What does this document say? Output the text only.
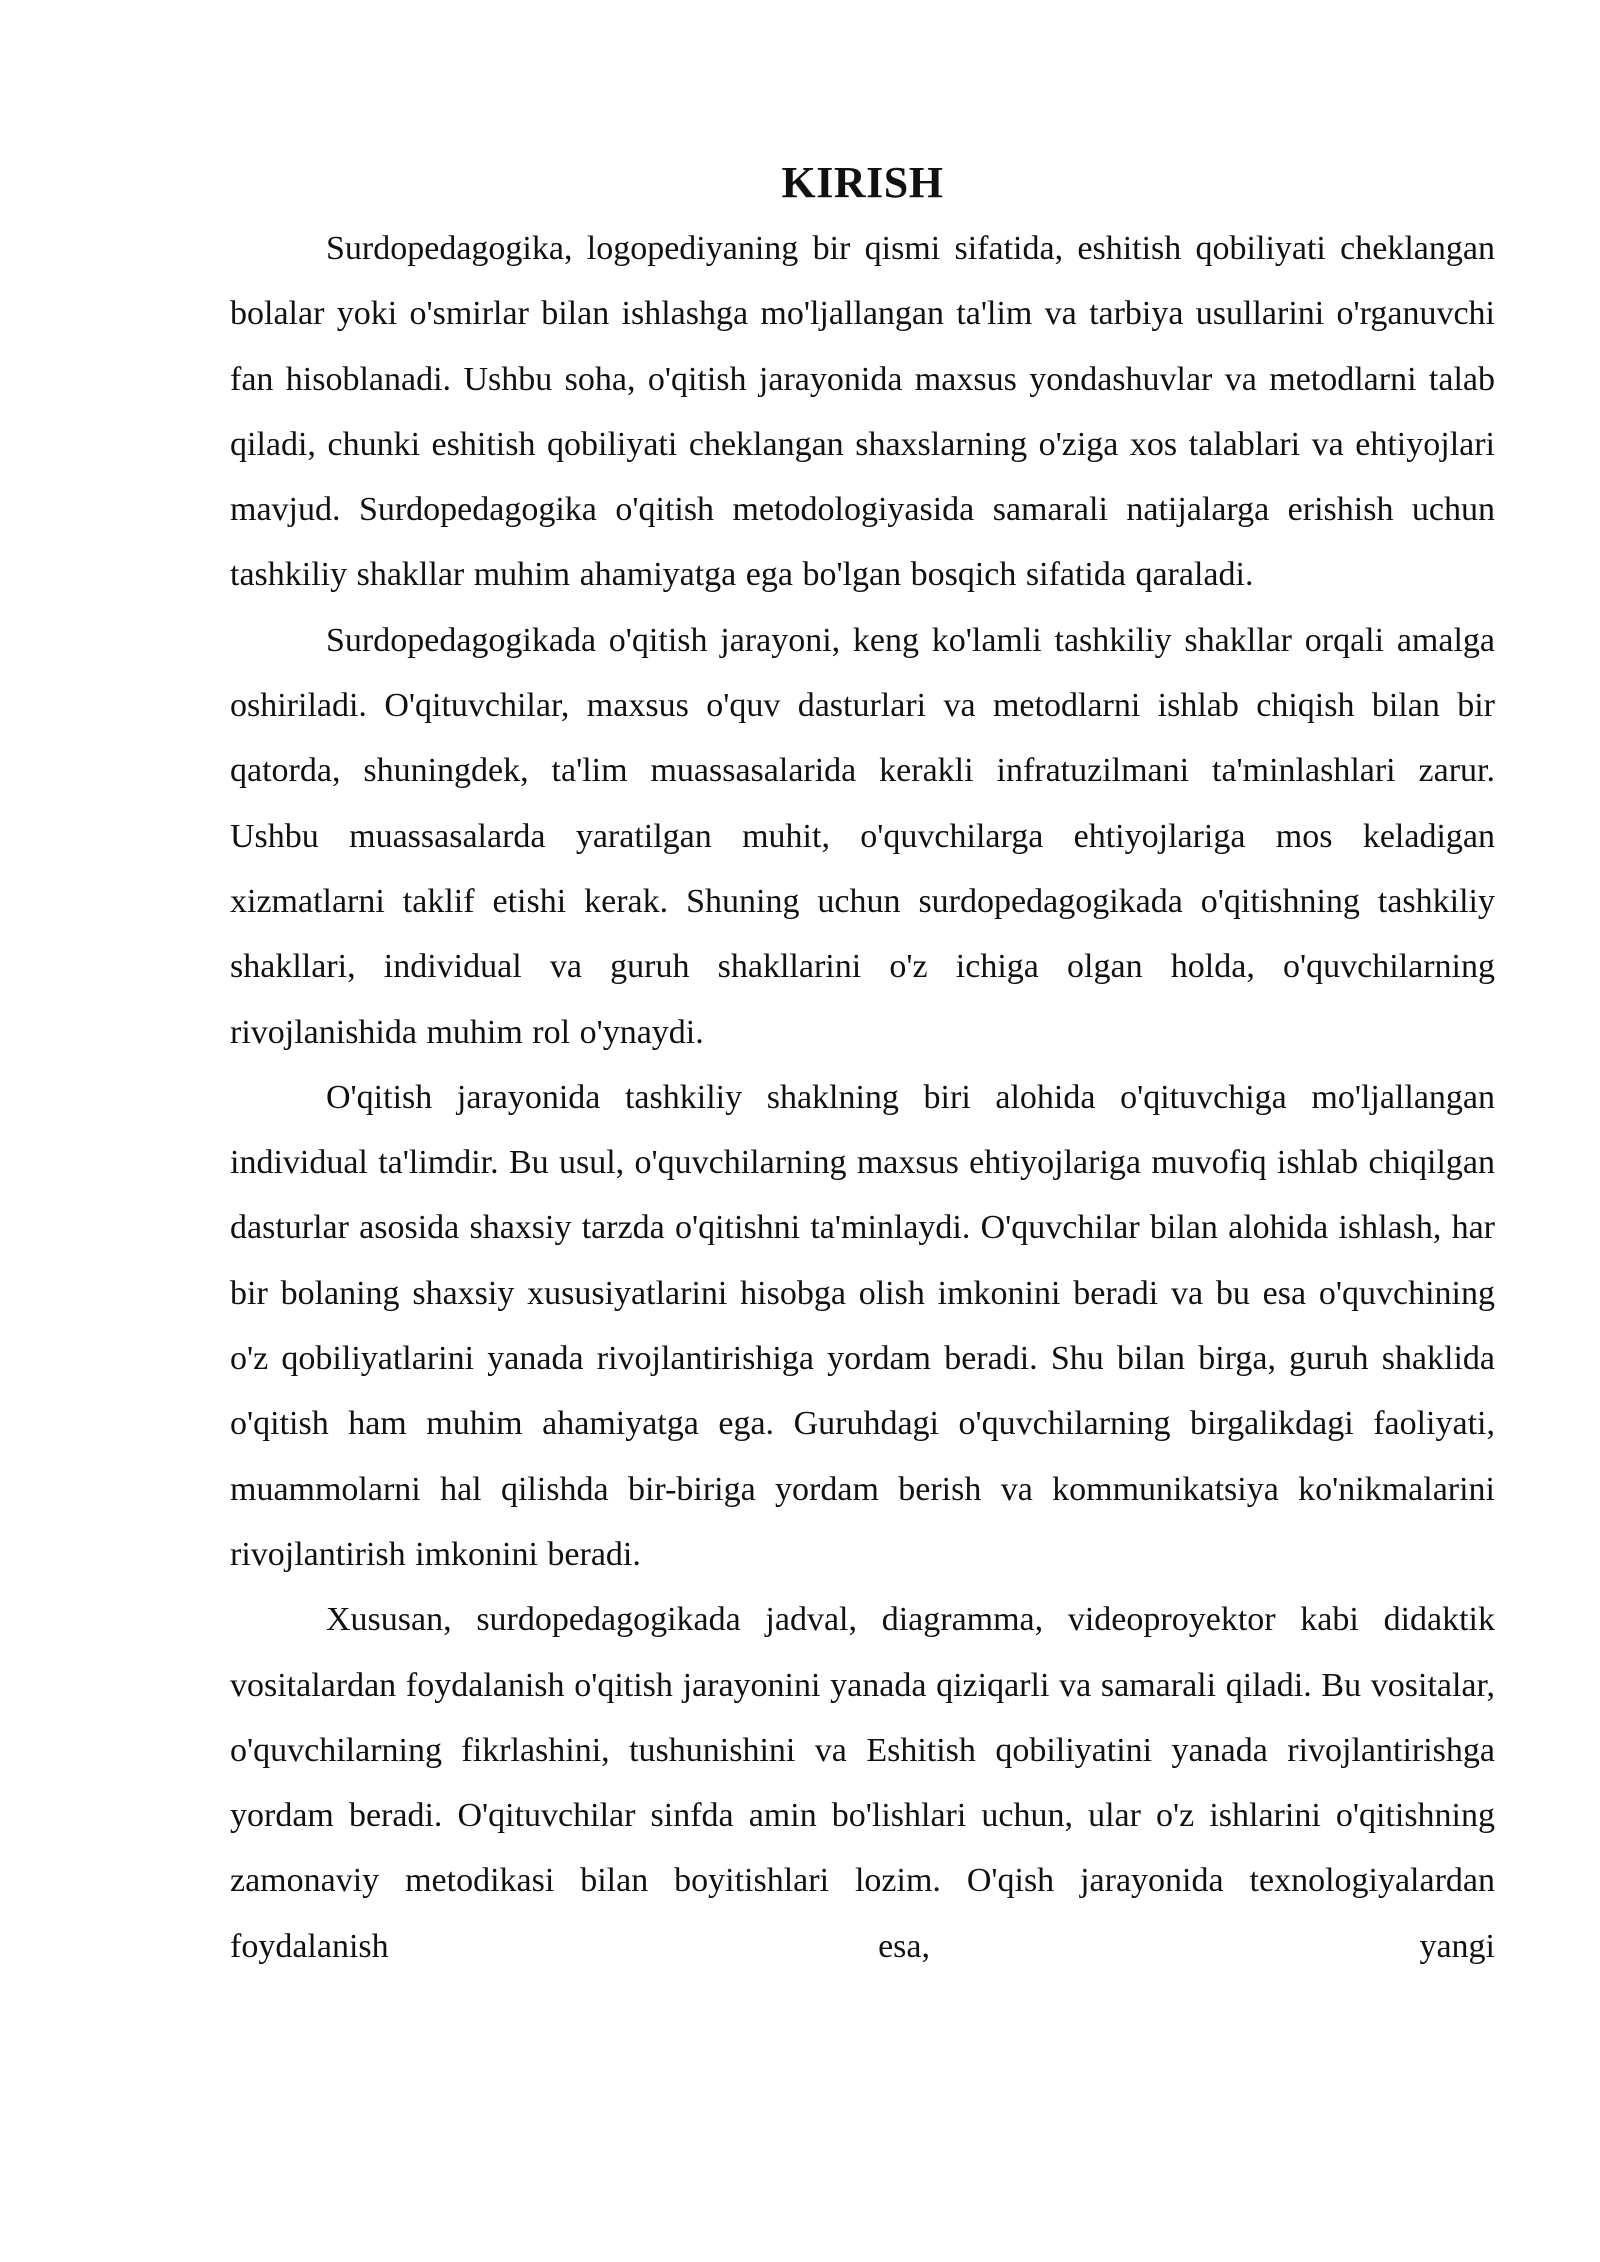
KIRISH

Surdopedagogika, logopediyaning bir qismi sifatida, eshitish qobiliyati cheklangan bolalar yoki o'smirlar bilan ishlashga mo'ljallangan ta'lim va tarbiya usullarini o'rganuvchi fan hisoblanadi. Ushbu soha, o'qitish jarayonida maxsus yondashuvlar va metodlarni talab qiladi, chunki eshitish qobiliyati cheklangan shaxslarning o'ziga xos talablari va ehtiyojlari mavjud. Surdopedagogika o'qitish metodologiyasida samarali natijalarga erishish uchun tashkiliy shakllar muhim ahamiyatga ega bo'lgan bosqich sifatida qaraladi.

Surdopedagogikada o'qitish jarayoni, keng ko'lamli tashkiliy shakllar orqali amalga oshiriladi. O'qituvchilar, maxsus o'quv dasturlari va metodlarni ishlab chiqish bilan bir qatorda, shuningdek, ta'lim muassasalarida kerakli infratuzilmani ta'minlashlari zarur. Ushbu muassasalarda yaratilgan muhit, o'quvchilarga ehtiyojlariga mos keladigan xizmatlarni taklif etishi kerak. Shuning uchun surdopedagogikada o'qitishning tashkiliy shakllari, individual va guruh shakllarini o'z ichiga olgan holda, o'quvchilarning rivojlanishida muhim rol o'ynaydi.

O'qitish jarayonida tashkiliy shaklning biri alohida o'qituvchiga mo'ljallangan individual ta'limdir. Bu usul, o'quvchilarning maxsus ehtiyojlariga muvofiq ishlab chiqilgan dasturlar asosida shaxsiy tarzda o'qitishni ta'minlaydi. O'quvchilar bilan alohida ishlash, har bir bolaning shaxsiy xususiyatlarini hisobga olish imkonini beradi va bu esa o'quvchining o'z qobiliyatlarini yanada rivojlantirishiga yordam beradi. Shu bilan birga, guruh shaklida o'qitish ham muhim ahamiyatga ega. Guruhdagi o'quvchilarning birgalikdagi faoliyati, muammolarni hal qilishda bir-biriga yordam berish va kommunikatsiya ko'nikmalarini rivojlantirish imkonini beradi.

Xususan, surdopedagogikada jadval, diagramma, videoproyektor kabi didaktik vositalardan foydalanish o'qitish jarayonini yanada qiziqarli va samarali qiladi. Bu vositalar, o'quvchilarning fikrlashini, tushunishini va Eshitish qobiliyatini yanada rivojlantirishga yordam beradi. O'qituvchilar sinfda amin bo'lishlari uchun, ular o'z ishlarini o'qitishning zamonaviy metodikasi bilan boyitishlari lozim. O'qish jarayonida texnologiyalardan foydalanish esa, yangi
